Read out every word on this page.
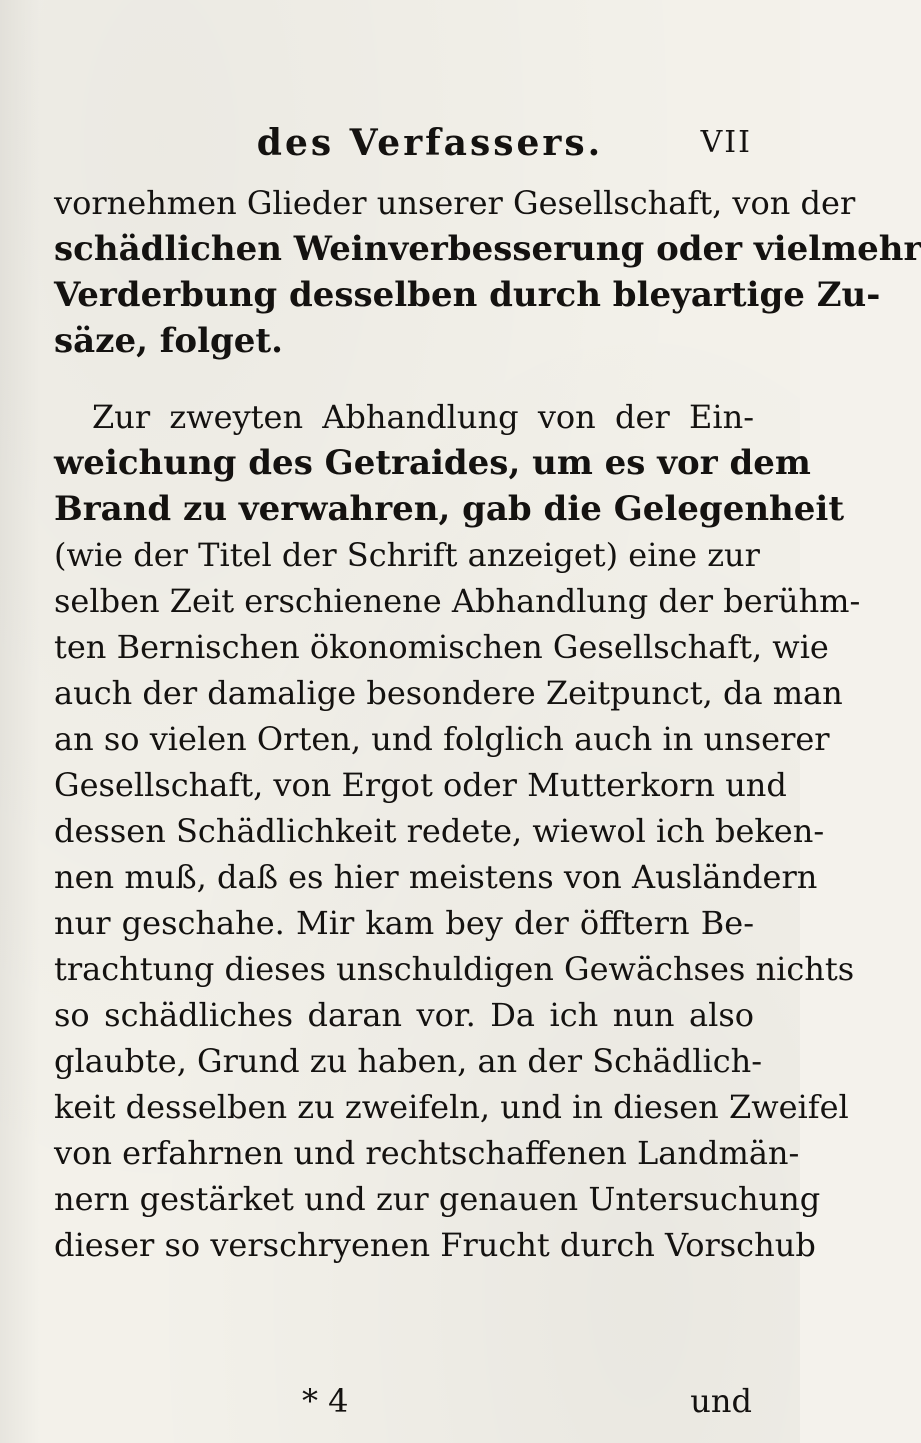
des Verfassers.	VII
vornehmen Glieder unserer Gesellschaft, von der
schädlichen Weinverbesserung oder vielmehr
Verderbung desselben durch bleyartige Zu-
säze, folget.
Zur zweyten Abhandlung von der Ein-
weichung des Getraides, um es vor dem
Brand zu verwahren, gab die Gelegenheit
(wie der Titel der Schrift anzeiget) eine zur
selben Zeit erschienene Abhandlung der berühm-
ten Bernischen ökonomischen Gesellschaft, wie
auch der damalige besondere Zeitpunct, da man
an so vielen Orten, und folglich auch in unserer
Gesellschaft, von Ergot oder Mutterkorn und
dessen Schädlichkeit redete, wiewol ich beken-
nen muß, daß es hier meistens von Ausländern
nur geschahe. Mir kam bey der öfftern Be-
trachtung dieses unschuldigen Gewächses nichts
so schädliches daran vor. Da ich nun also
glaubte, Grund zu haben, an der Schädlich-
keit desselben zu zweifeln, und in diesen Zweifel
von erfahrnen und rechtschaffenen Landmän-
nern gestärket und zur genauen Untersuchung
dieser so verschryenen Frucht durch Vorschub
* 4	und
